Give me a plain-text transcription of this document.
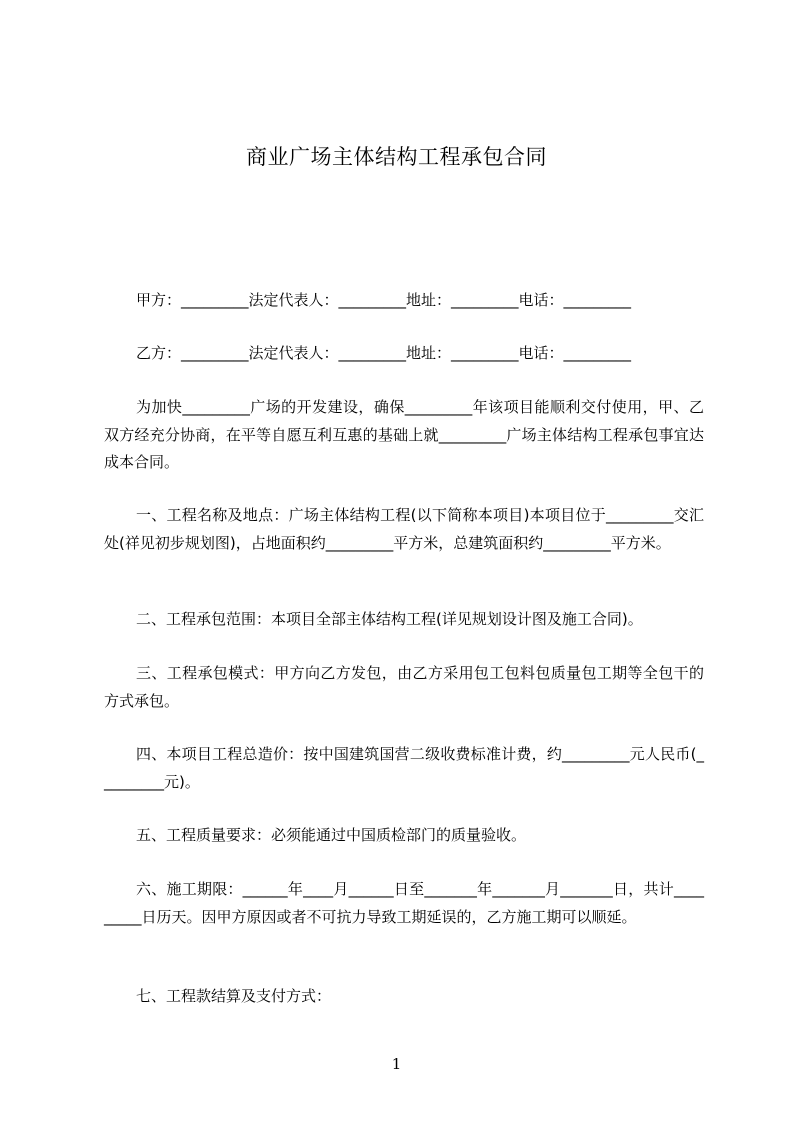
商业广场主体结构工程承包合同
甲方：_________法定代表人：_________地址：_________电话：_________
乙方：_________法定代表人：_________地址：_________电话：_________
为加快_________广场的开发建设，确保_________年该项目能顺利交付使用，甲、乙双方经充分协商，在平等自愿互利互惠的基础上就_________广场主体结构工程承包事宜达成本合同。
一、工程名称及地点：广场主体结构工程(以下简称本项目)本项目位于_________交汇处(祥见初步规划图)，占地面积约_________平方米，总建筑面积约_________平方米。
二、工程承包范围：本项目全部主体结构工程(详见规划设计图及施工合同)。
三、工程承包模式：甲方向乙方发包，由乙方采用包工包料包质量包工期等全包干的方式承包。
四、本项目工程总造价：按中国建筑国营二级收费标准计费，约_________元人民币(_________元)。
五、工程质量要求：必须能通过中国质检部门的质量验收。
六、施工期限：______年____月______日至_______年_______月_______日，共计_________日历天。因甲方原因或者不可抗力导致工期延误的，乙方施工期可以顺延。
七、工程款结算及支付方式：
1
